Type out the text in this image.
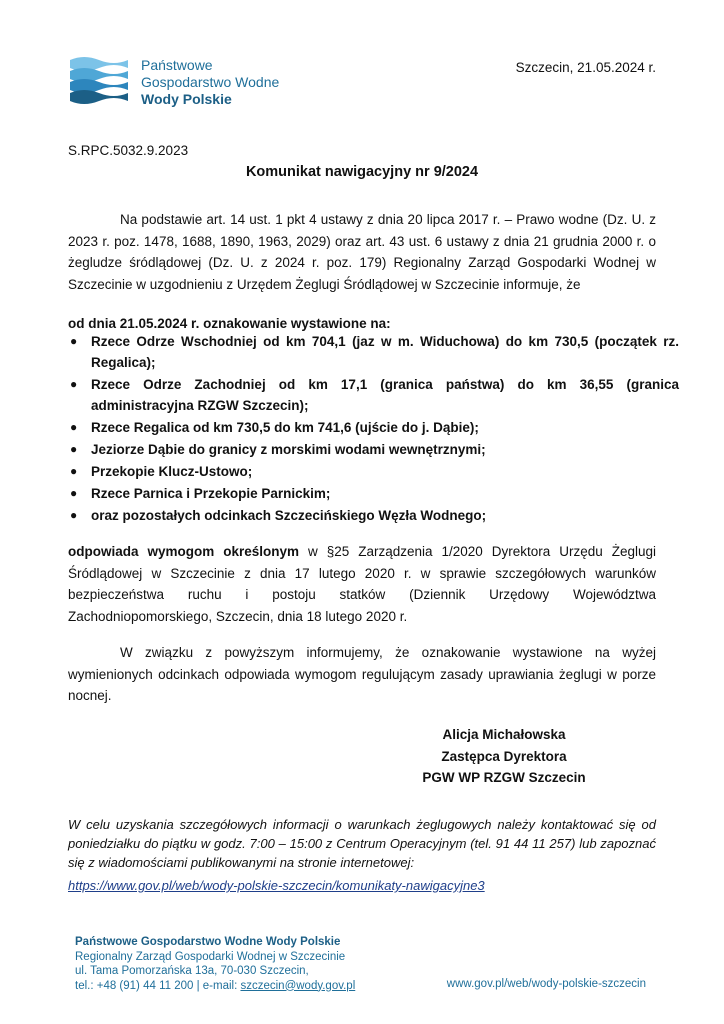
Państwowe
Gospodarstwo Wodne
Wody Polskie
Szczecin, 21.05.2024 r.
S.RPC.5032.9.2023
Komunikat nawigacyjny nr 9/2024
Na podstawie art. 14 ust. 1 pkt 4 ustawy z dnia 20 lipca 2017 r. – Prawo wodne (Dz. U. z 2023 r. poz. 1478, 1688, 1890, 1963, 2029) oraz art. 43 ust. 6 ustawy z dnia 21 grudnia 2000 r. o żegludze śródlądowej (Dz. U. z 2024 r. poz. 179) Regionalny Zarząd Gospodarki Wodnej w Szczecinie w uzgodnieniu z Urzędem Żeglugi Śródlądowej w Szczecinie informuje, że
od dnia 21.05.2024 r. oznakowanie wystawione na:
● Rzece Odrze Wschodniej od km 704,1 (jaz w m. Widuchowa) do km 730,5 (początek rz. Regalica);
● Rzece Odrze Zachodniej od km 17,1 (granica państwa) do km 36,55 (granica administracyjna RZGW Szczecin);
● Rzece Regalica od km 730,5 do km 741,6 (ujście do j. Dąbie);
● Jeziorze Dąbie do granicy z morskimi wodami wewnętrznymi;
● Przekopie Klucz-Ustowo;
● Rzece Parnica i Przekopie Parnickim;
● oraz pozostałych odcinkach Szczecińskiego Węzła Wodnego;
odpowiada wymogom określonym w §25 Zarządzenia 1/2020 Dyrektora Urzędu Żeglugi Śródlądowej w Szczecinie z dnia 17 lutego 2020 r. w sprawie szczegółowych warunków bezpieczeństwa ruchu i postoju statków (Dziennik Urzędowy Województwa Zachodniopomorskiego, Szczecin, dnia 18 lutego 2020 r.
W związku z powyższym informujemy, że oznakowanie wystawione na wyżej wymienionych odcinkach odpowiada wymogom regulującym zasady uprawiania żeglugi w porze nocnej.
Alicja Michałowska
Zastępca Dyrektora
PGW WP RZGW Szczecin
W celu uzyskania szczegółowych informacji o warunkach żeglugowych należy kontaktować się od poniedziałku do piątku w godz. 7:00 – 15:00 z Centrum Operacyjnym (tel. 91 44 11 257) lub zapoznać się z wiadomościami publikowanymi na stronie internetowej:
https://www.gov.pl/web/wody-polskie-szczecin/komunikaty-nawigacyjne3
Państwowe Gospodarstwo Wodne Wody Polskie
Regionalny Zarząd Gospodarki Wodnej w Szczecinie
ul. Tama Pomorzańska 13a, 70-030 Szczecin,
tel.: +48 (91) 44 11 200 | e-mail: szczecin@wody.gov.pl	www.gov.pl/web/wody-polskie-szczecin
